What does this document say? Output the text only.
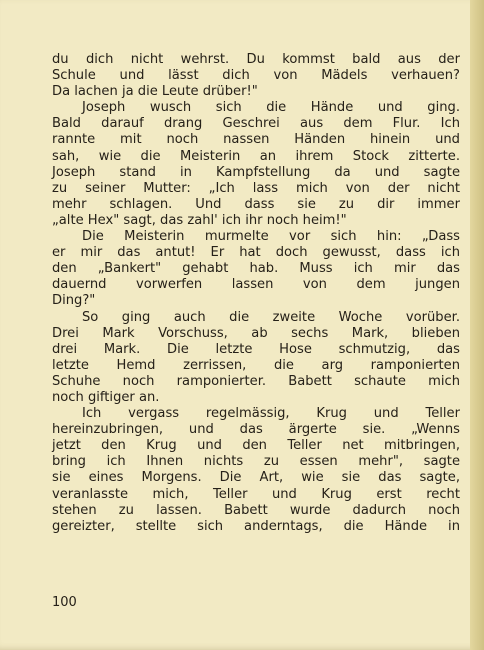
du dich nicht wehrst. Du kommst bald aus der
Schule und lässt dich von Mädels verhauen?
Da lachen ja die Leute drüber!"
Joseph wusch sich die Hände und ging.
Bald darauf drang Geschrei aus dem Flur. Ich
rannte mit noch nassen Händen hinein und
sah, wie die Meisterin an ihrem Stock zitterte.
Joseph stand in Kampfstellung da und sagte
zu seiner Mutter: „Ich lass mich von der nicht
mehr schlagen. Und dass sie zu dir immer
„alte Hex" sagt, das zahl' ich ihr noch heim!"
Die Meisterin murmelte vor sich hin: „Dass
er mir das antut! Er hat doch gewusst, dass ich
den „Bankert" gehabt hab. Muss ich mir das
dauernd vorwerfen lassen von dem jungen
Ding?"
So ging auch die zweite Woche vorüber.
Drei Mark Vorschuss, ab sechs Mark, blieben
drei Mark. Die letzte Hose schmutzig, das
letzte Hemd zerrissen, die arg ramponierten
Schuhe noch ramponierter. Babett schaute mich
noch giftiger an.
Ich vergass regelmässig, Krug und Teller
hereinzubringen, und das ärgerte sie. „Wenns
jetzt den Krug und den Teller net mitbringen,
bring ich Ihnen nichts zu essen mehr", sagte
sie eines Morgens. Die Art, wie sie das sagte,
veranlasste mich, Teller und Krug erst recht
stehen zu lassen. Babett wurde dadurch noch
gereizter, stellte sich anderntags, die Hände in
100
